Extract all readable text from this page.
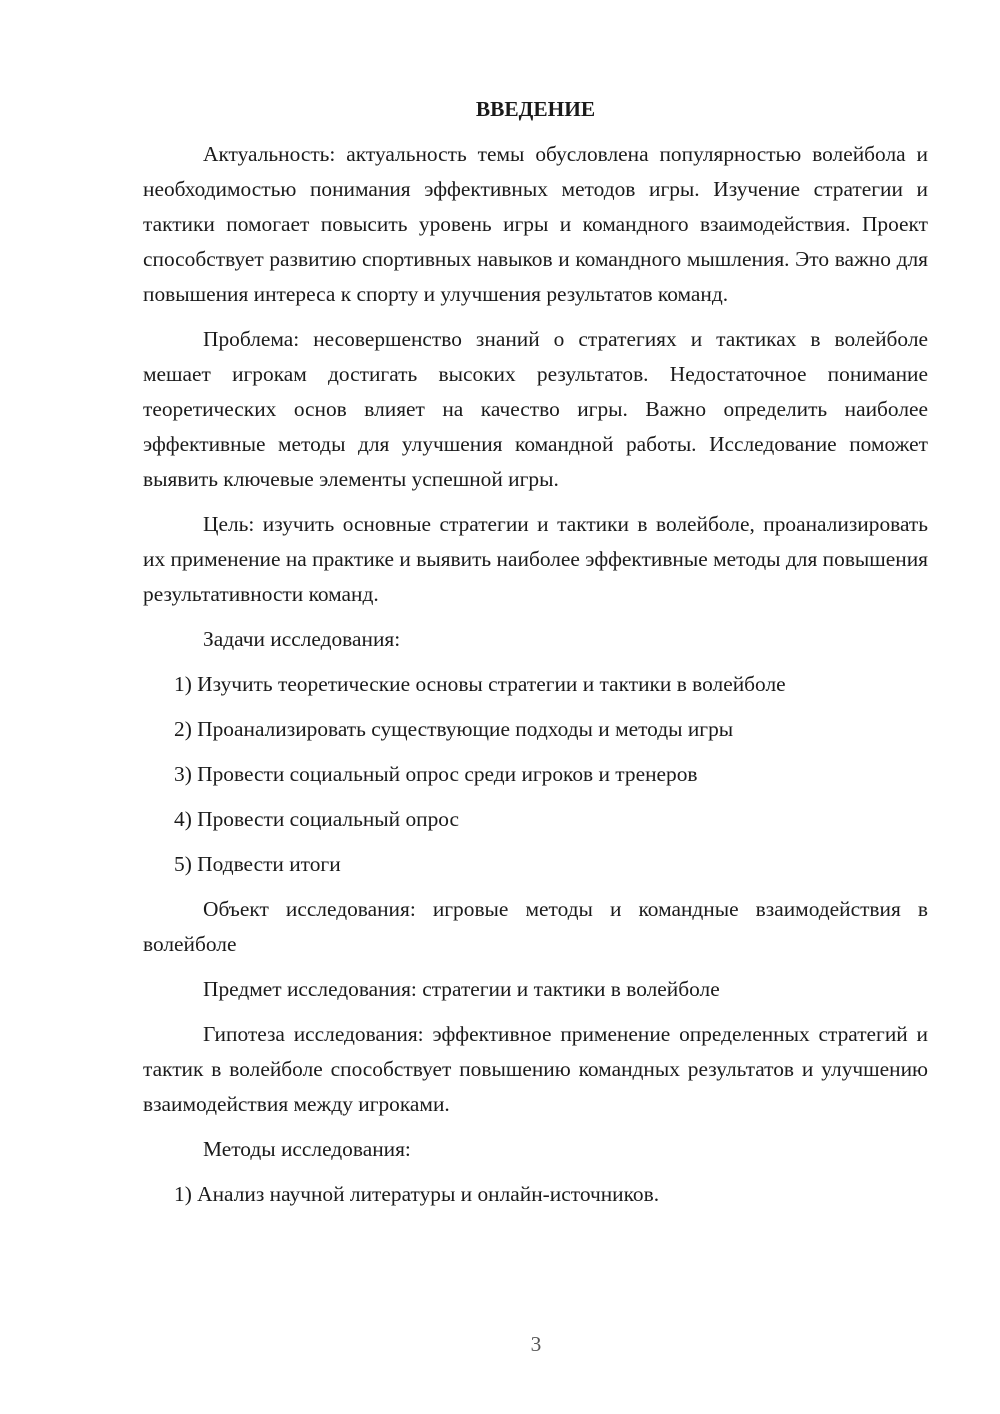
ВВЕДЕНИЕ

Актуальность: актуальность темы обусловлена популярностью волейбола и необходимостью понимания эффективных методов игры. Изучение стратегии и тактики помогает повысить уровень игры и командного взаимодействия. Проект способствует развитию спортивных навыков и командного мышления. Это важно для повышения интереса к спорту и улучшения результатов команд.

Проблема: несовершенство знаний о стратегиях и тактиках в волейболе мешает игрокам достигать высоких результатов. Недостаточное понимание теоретических основ влияет на качество игры. Важно определить наиболее эффективные методы для улучшения командной работы. Исследование поможет выявить ключевые элементы успешной игры.

Цель: изучить основные стратегии и тактики в волейболе, проанализировать их применение на практике и выявить наиболее эффективные методы для повышения результативности команд.

Задачи исследования:

1) Изучить теоретические основы стратегии и тактики в волейболе

2) Проанализировать существующие подходы и методы игры

3) Провести социальный опрос среди игроков и тренеров

4) Провести социальный опрос

5) Подвести итоги

Объект исследования: игровые методы и командные взаимодействия в волейболе

Предмет исследования: стратегии и тактики в волейболе

Гипотеза исследования: эффективное применение определенных стратегий и тактик в волейболе способствует повышению командных результатов и улучшению взаимодействия между игроками.

Методы исследования:

1) Анализ научной литературы и онлайн-источников.

3
